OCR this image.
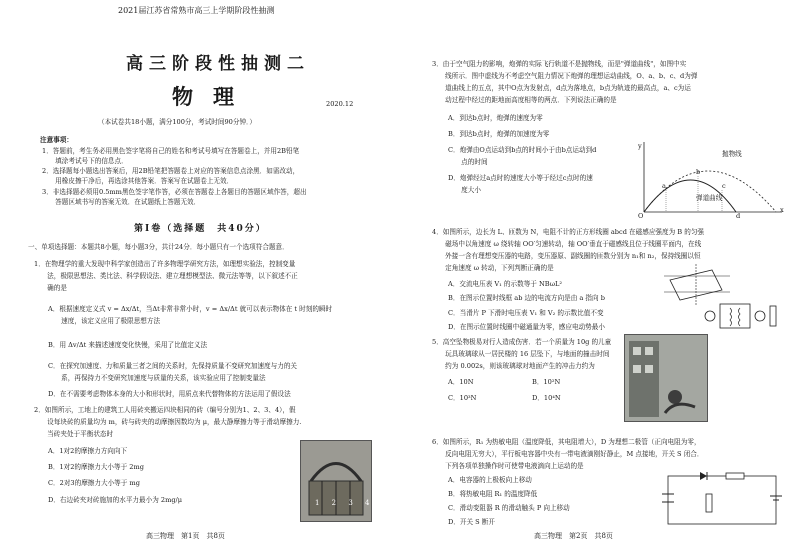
2021届江苏省常熟市高三上学期阶段性抽测
高三阶段性抽测二
物理	2020.12
（本试卷共18小题，满分100分，考试时间90分钟．）
注意事项：
1．答题前，考生务必用黑色签字笔将自己的姓名和考试号填写在答题卷上，并用2B铅笔
　　填涂考试号下的信息点．
2．选择题每小题选出答案后，用2B铅笔把答题卷上对应的答案信息点涂黑．如需改动，
　　用橡皮擦干净后，再选涂其他答案．答案写在试题卷上无效．
3．非选择题必须用0.5mm黑色签字笔作答，必须在答题卷上各题目的答题区域作答，超出
　　答题区域书写的答案无效．在试题纸上答题无效．
第Ⅰ卷（选择题　共40分）
一、单项选择题：本题共8小题，每小题3分，共计24分．每小题只有一个选项符合题意．
1．在物理学的重大发现中科学家创造出了许多物理学研究方法，如理想实验法，控制变量
　　法，极限思想法、类比法、科学假设法、建立理想模型法、微元法等等，以下叙述不正
　　确的是
A．根据速度定义式 v = Δx/Δt，当Δt非常非常小时，v = Δx/Δt 就可以表示物体在 t 时刻的瞬时
　　速度，该定义应用了极限思想方法
B．用 Δv/Δt 来描述速度变化快慢，采用了比值定义法
C．在探究加速度、力和质量三者之间的关系时，先保持质量不变研究加速度与力的关
　　系，再保持力不变研究加速度与质量的关系，该实验应用了控制变量法
D．在不需要考虑物体本身的大小和形状时，用质点来代替物体的方法运用了假设法
2．如图所示，工地上的建筑工人用砖夹搬运四块相同的砖（编号分别为1、2、3、4），假
　　设每块砖的质量均为 m，砖与砖夹的动摩擦因数均为 μ，最大静摩擦力等于滑动摩擦力.
　　当砖夹处于平衡状态时
A．1对2的摩擦力方向向下
B．1对2的摩擦力大小等于 2mg
C．2对3的摩擦力大小等于 mg
D．右边砖夹对砖施加的水平力最小为 2mg/μ	1 2 3 4
高三物理　第1页　共8页
3．由于空气阻力的影响，炮弹的实际飞行轨道不是抛物线，而是"弹道曲线"，如图中实
　　线所示．图中虚线为不考虑空气阻力情况下炮弹的理想运动曲线，O、a、b、c、d为弹
　　道曲线上的五点，其中O点为发射点，d点为落地点，b点为轨迹的最高点，a、c为运
　　动过程中经过的距地面高度相等的两点．下列说法正确的是
A．到达b点时，炮弹的速度为零
B．到达b点时，炮弹的加速度为零
C．炮弹由O点运动到b点的时间小于由b点运动到d
　　点的时间
D．炮弹经过a点时的速度大小等于经过c点时的速
　　度大小
抛物线
弹道曲线
y
x
O
a
b
c
d
4．如图所示，边长为 L、匝数为 N，电阻不计的正方形线圈 abcd 在磁感应强度为 B 的匀强
　　磁场中以角速度 ω 绕转轴 OO′匀速转动，轴 OO′垂直于磁感线且位于线圈平面内，在线
　　外接一含有理想变压器的电路，变压器原、副线圈的匝数分别为 n₁和 n₂，保持线圈以恒
　　定角速度 ω 转动，下列判断正确的是
A．交流电压表 V₁ 的示数等于 NBωL²
B．在图示位置时线框 ab 边的电流方向是由 a 指向 b
C．当滑片 P 下滑时电压表 V₁ 和 V₂ 的示数比值不变
D．在图示位置时线圈中磁通量为零，感应电动势最小
5．高空坠物极易对行人造成伤害．若一个质量为 10g 的儿童
　　玩具玻璃球从一居民楼的 16 层坠下，与地面的撞击时间
　　约为 0.002s，则该玻璃球对地面产生的冲击力约为
A．10N	B．10²N
C．10³N	D．10⁴N
6．如图所示，R₁ 为热敏电阻（温度降低，其电阻增大），D 为理想二极管（正向电阻为零，
　　反向电阻无穷大），平行板电容器中央有一带电液滴刚好静止，M 点接地，开关 S 闭合．
　　下列各项单独操作时可使带电液滴向上运动的是
A．电容器的上极板向上移动
B．将热敏电阻 R₁ 的温度降低
C．滑动变阻器 R 的滑动触头 P 向上移动
D．开关 S 断开
高三物理　第2页　共8页
